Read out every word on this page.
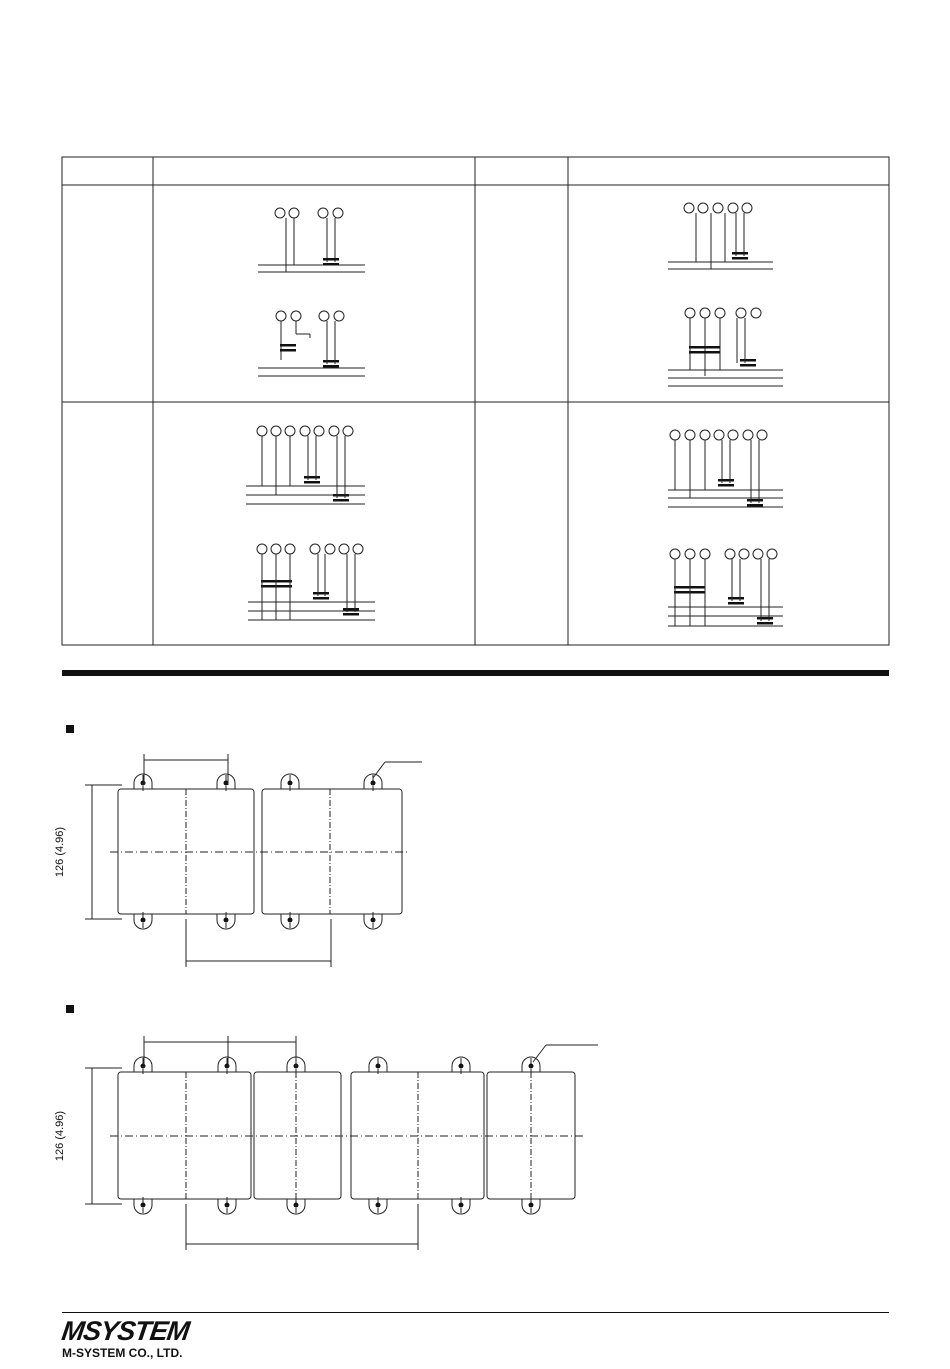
126 (4.96)
126 (4.96)
MSYSTEM
M-SYSTEM CO., LTD.
